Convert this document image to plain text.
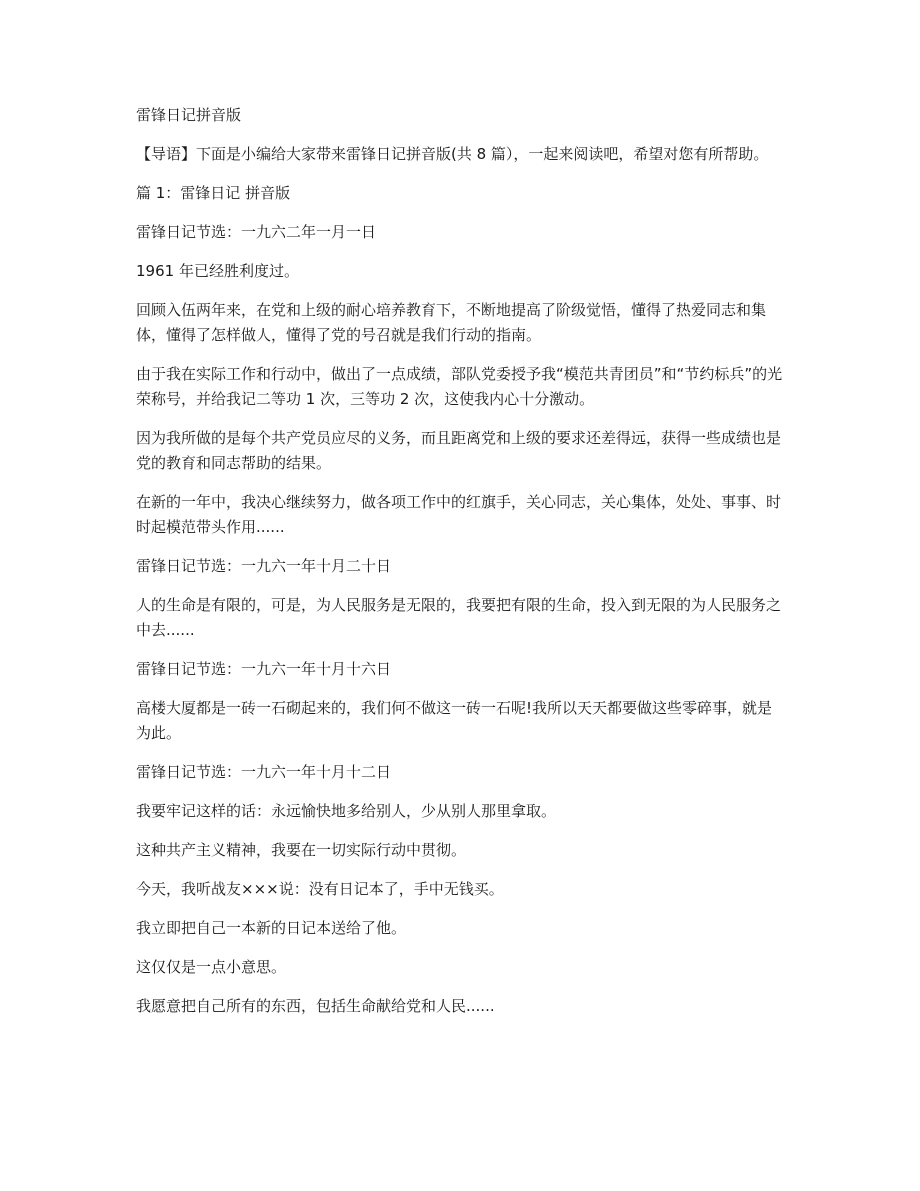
雷锋日记拼音版

【导语】下面是小编给大家带来雷锋日记拼音版(共 8 篇），一起来阅读吧，希望对您有所帮助。

篇 1：雷锋日记 拼音版

雷锋日记节选：一九六二年一月一日

1961 年已经胜利度过。

回顾入伍两年来，在党和上级的耐心培养教育下，不断地提高了阶级觉悟，懂得了热爱同志和集体，懂得了怎样做人，懂得了党的号召就是我们行动的指南。

由于我在实际工作和行动中，做出了一点成绩，部队党委授予我“模范共青团员”和“节约标兵”的光荣称号，并给我记二等功 1 次，三等功 2 次，这使我内心十分激动。

因为我所做的是每个共产党员应尽的义务，而且距离党和上级的要求还差得远，获得一些成绩也是党的教育和同志帮助的结果。

在新的一年中，我决心继续努力，做各项工作中的红旗手，关心同志，关心集体，处处、事事、时时起模范带头作用......

雷锋日记节选：一九六一年十月二十日

人的生命是有限的，可是，为人民服务是无限的，我要把有限的生命，投入到无限的为人民服务之中去......

雷锋日记节选：一九六一年十月十六日

高楼大厦都是一砖一石砌起来的，我们何不做这一砖一石呢!我所以天天都要做这些零碎事，就是为此。

雷锋日记节选：一九六一年十月十二日

我要牢记这样的话：永远愉快地多给别人，少从别人那里拿取。

这种共产主义精神，我要在一切实际行动中贯彻。

今天，我听战友×××说：没有日记本了，手中无钱买。

我立即把自己一本新的日记本送给了他。

这仅仅是一点小意思。

我愿意把自己所有的东西，包括生命献给党和人民......
